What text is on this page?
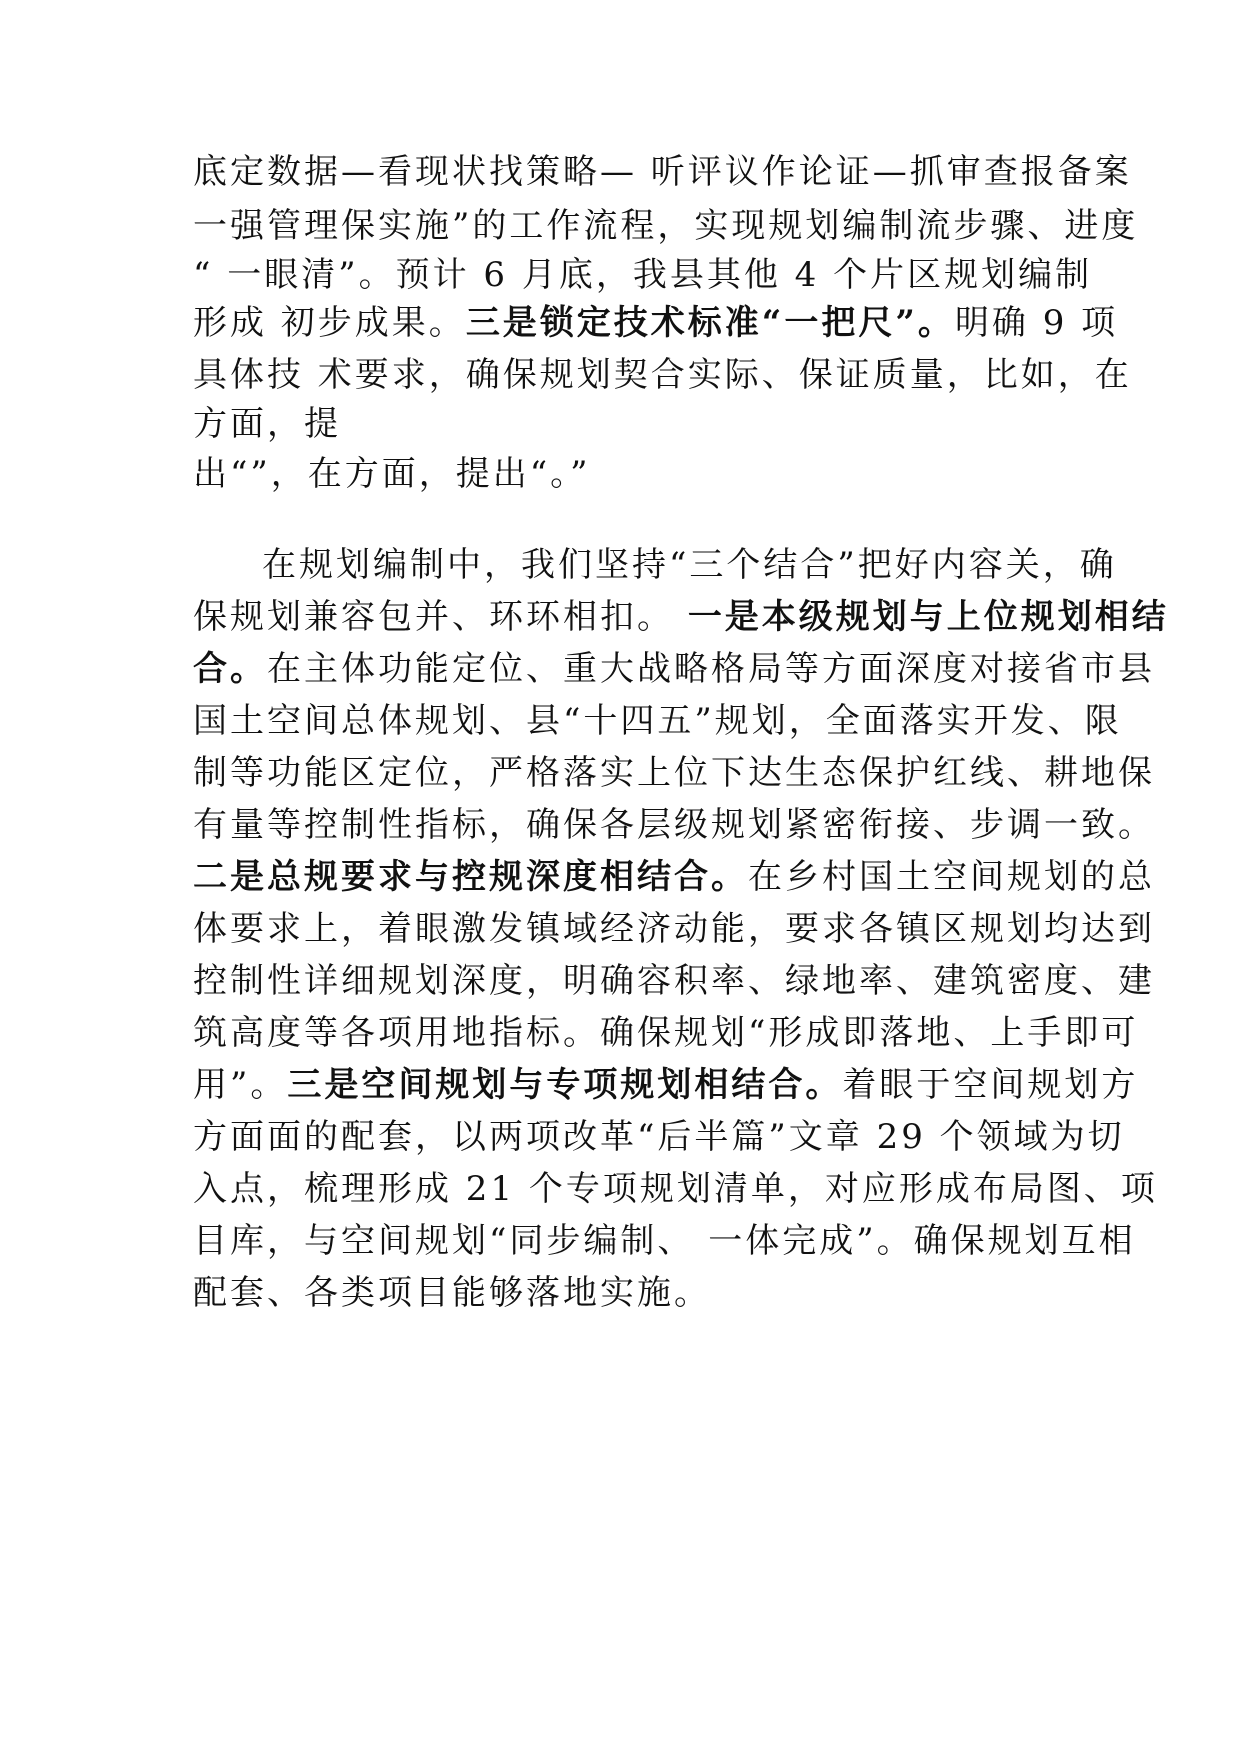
底定数据—看现状找策略— 听评议作论证—抓审查报备案
一强管理保实施”的工作流程，实现规划编制流步骤、进度
“ 一眼清”。预计 6 月底，我县其他 4 个片区规划编制
形成 初步成果。三是锁定技术标准“一把尺”。明确 9 项
具体技 术要求，确保规划契合实际、保证质量，比如，在
方面，提
出“”，在方面，提出“。”
在规划编制中，我们坚持“三个结合”把好内容关，确
保规划兼容包并、环环相扣。 一是本级规划与上位规划相结
合。在主体功能定位、重大战略格局等方面深度对接省市县
国土空间总体规划、县“十四五”规划，全面落实开发、限
制等功能区定位，严格落实上位下达生态保护红线、耕地保
有量等控制性指标，确保各层级规划紧密衔接、步调一致。
二是总规要求与控规深度相结合。在乡村国土空间规划的总
体要求上，着眼激发镇域经济动能，要求各镇区规划均达到
控制性详细规划深度，明确容积率、绿地率、建筑密度、建
筑高度等各项用地指标。确保规划“形成即落地、上手即可
用”。三是空间规划与专项规划相结合。着眼于空间规划方
方面面的配套，以两项改革“后半篇”文章 29 个领域为切
入点，梳理形成 21 个专项规划清单，对应形成布局图、项
目库，与空间规划“同步编制、 一体完成”。确保规划互相
配套、各类项目能够落地实施。
